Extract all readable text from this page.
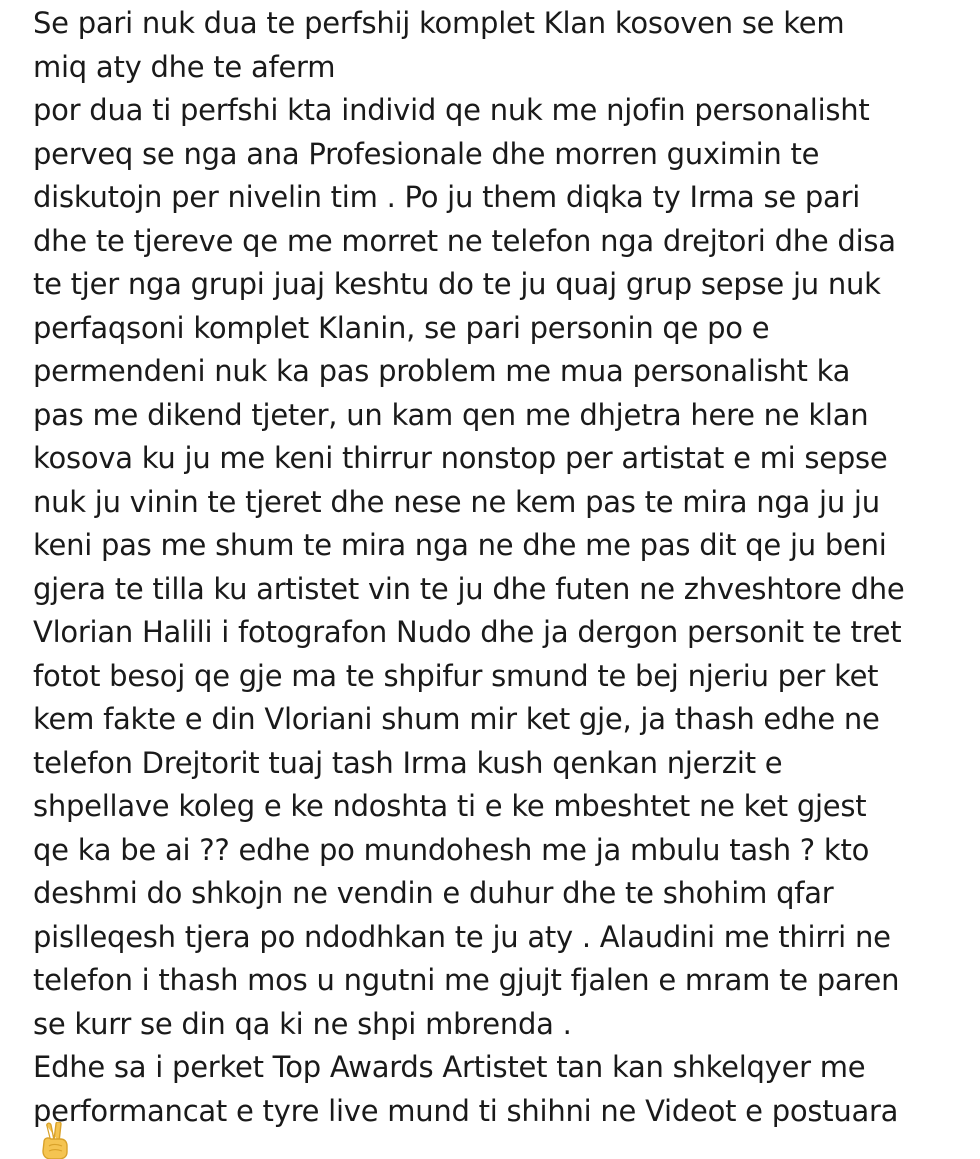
Se pari nuk dua te perfshij komplet Klan kosoven se kem
miq aty dhe te aferm
por dua ti perfshi kta individ qe nuk me njofin personalisht
perveq se nga ana Profesionale dhe morren guximin te
diskutojn per nivelin tim . Po ju them diqka ty Irma se pari
dhe te tjereve qe me morret ne telefon nga drejtori dhe disa
te tjer nga grupi juaj keshtu do te ju quaj grup sepse ju nuk
perfaqsoni komplet Klanin, se pari personin qe po e
permendeni nuk ka pas problem me mua personalisht ka
pas me dikend tjeter, un kam qen me dhjetra here ne klan
kosova ku ju me keni thirrur nonstop per artistat e mi sepse
nuk ju vinin te tjeret dhe nese ne kem pas te mira nga ju ju
keni pas me shum te mira nga ne dhe me pas dit qe ju beni
gjera te tilla ku artistet vin te ju dhe futen ne zhveshtore dhe
Vlorian Halili i fotografon Nudo dhe ja dergon personit te tret
fotot besoj qe gje ma te shpifur smund te bej njeriu per ket
kem fakte e din Vloriani shum mir ket gje, ja thash edhe ne
telefon Drejtorit tuaj tash Irma kush qenkan njerzit e
shpellave koleg e ke ndoshta ti e ke mbeshtet ne ket gjest
qe ka be ai ?? edhe po mundohesh me ja mbulu tash ? kto
deshmi do shkojn ne vendin e duhur dhe te shohim qfar
pislleqesh tjera po ndodhkan te ju aty . Alaudini me thirri ne
telefon i thash mos u ngutni me gjujt fjalen e mram te paren
se kurr se din qa ki ne shpi mbrenda .
Edhe sa i perket Top Awards Artistet tan kan shkelqyer me
performancat e tyre live mund ti shihni ne Videot e postuara
